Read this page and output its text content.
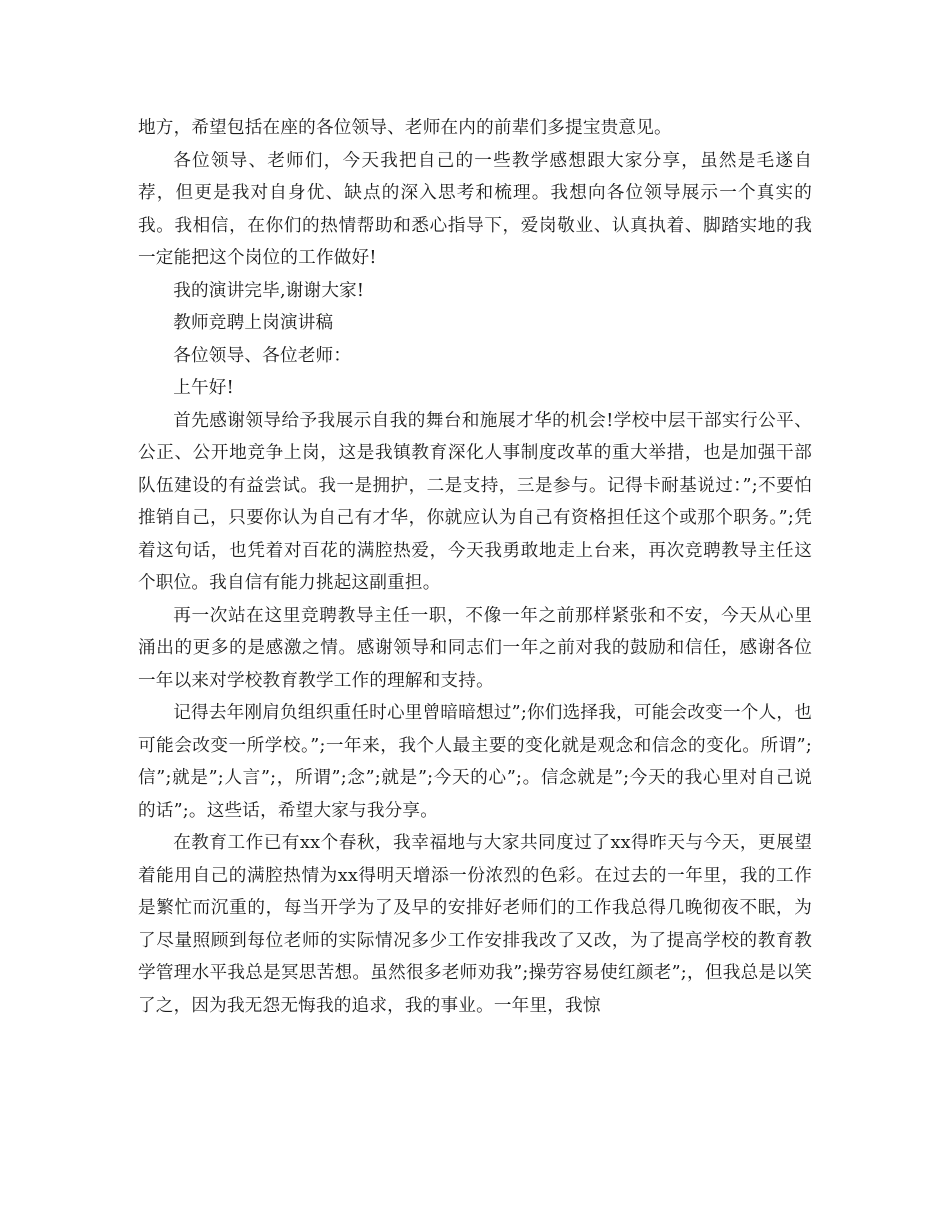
地方，希望包括在座的各位领导、老师在内的前辈们多提宝贵意见。

各位领导、老师们，今天我把自己的一些教学感想跟大家分享，虽然是毛遂自荐，但更是我对自身优、缺点的深入思考和梳理。我想向各位领导展示一个真实的我。我相信，在你们的热情帮助和悉心指导下，爱岗敬业、认真执着、脚踏实地的我一定能把这个岗位的工作做好!

我的演讲完毕,谢谢大家!

教师竞聘上岗演讲稿

各位领导、各位老师：

上午好!

首先感谢领导给予我展示自我的舞台和施展才华的机会!学校中层干部实行公平、公正、公开地竞争上岗，这是我镇教育深化人事制度改革的重大举措，也是加强干部队伍建设的有益尝试。我一是拥护，二是支持，三是参与。记得卡耐基说过：”;不要怕推销自己，只要你认为自己有才华，你就应认为自己有资格担任这个或那个职务。”;凭着这句话，也凭着对百花的满腔热爱，今天我勇敢地走上台来，再次竞聘教导主任这个职位。我自信有能力挑起这副重担。

再一次站在这里竞聘教导主任一职，不像一年之前那样紧张和不安，今天从心里涌出的更多的是感激之情。感谢领导和同志们一年之前对我的鼓励和信任，感谢各位一年以来对学校教育教学工作的理解和支持。

记得去年刚肩负组织重任时心里曾暗暗想过”;你们选择我，可能会改变一个人，也可能会改变一所学校。”;一年来，我个人最主要的变化就是观念和信念的变化。所谓”;信”;就是”;人言”;，所谓”;念”;就是”;今天的心”;。信念就是”;今天的我心里对自己说的话”;。这些话，希望大家与我分享。

在教育工作已有xx个春秋，我幸福地与大家共同度过了xx得昨天与今天，更展望着能用自己的满腔热情为xx得明天增添一份浓烈的色彩。在过去的一年里，我的工作是繁忙而沉重的，每当开学为了及早的安排好老师们的工作我总得几晚彻夜不眠，为了尽量照顾到每位老师的实际情况多少工作安排我改了又改，为了提高学校的教育教学管理水平我总是冥思苦想。虽然很多老师劝我”;操劳容易使红颜老”;，但我总是以笑了之，因为我无怨无悔我的追求，我的事业。一年里，我惊
